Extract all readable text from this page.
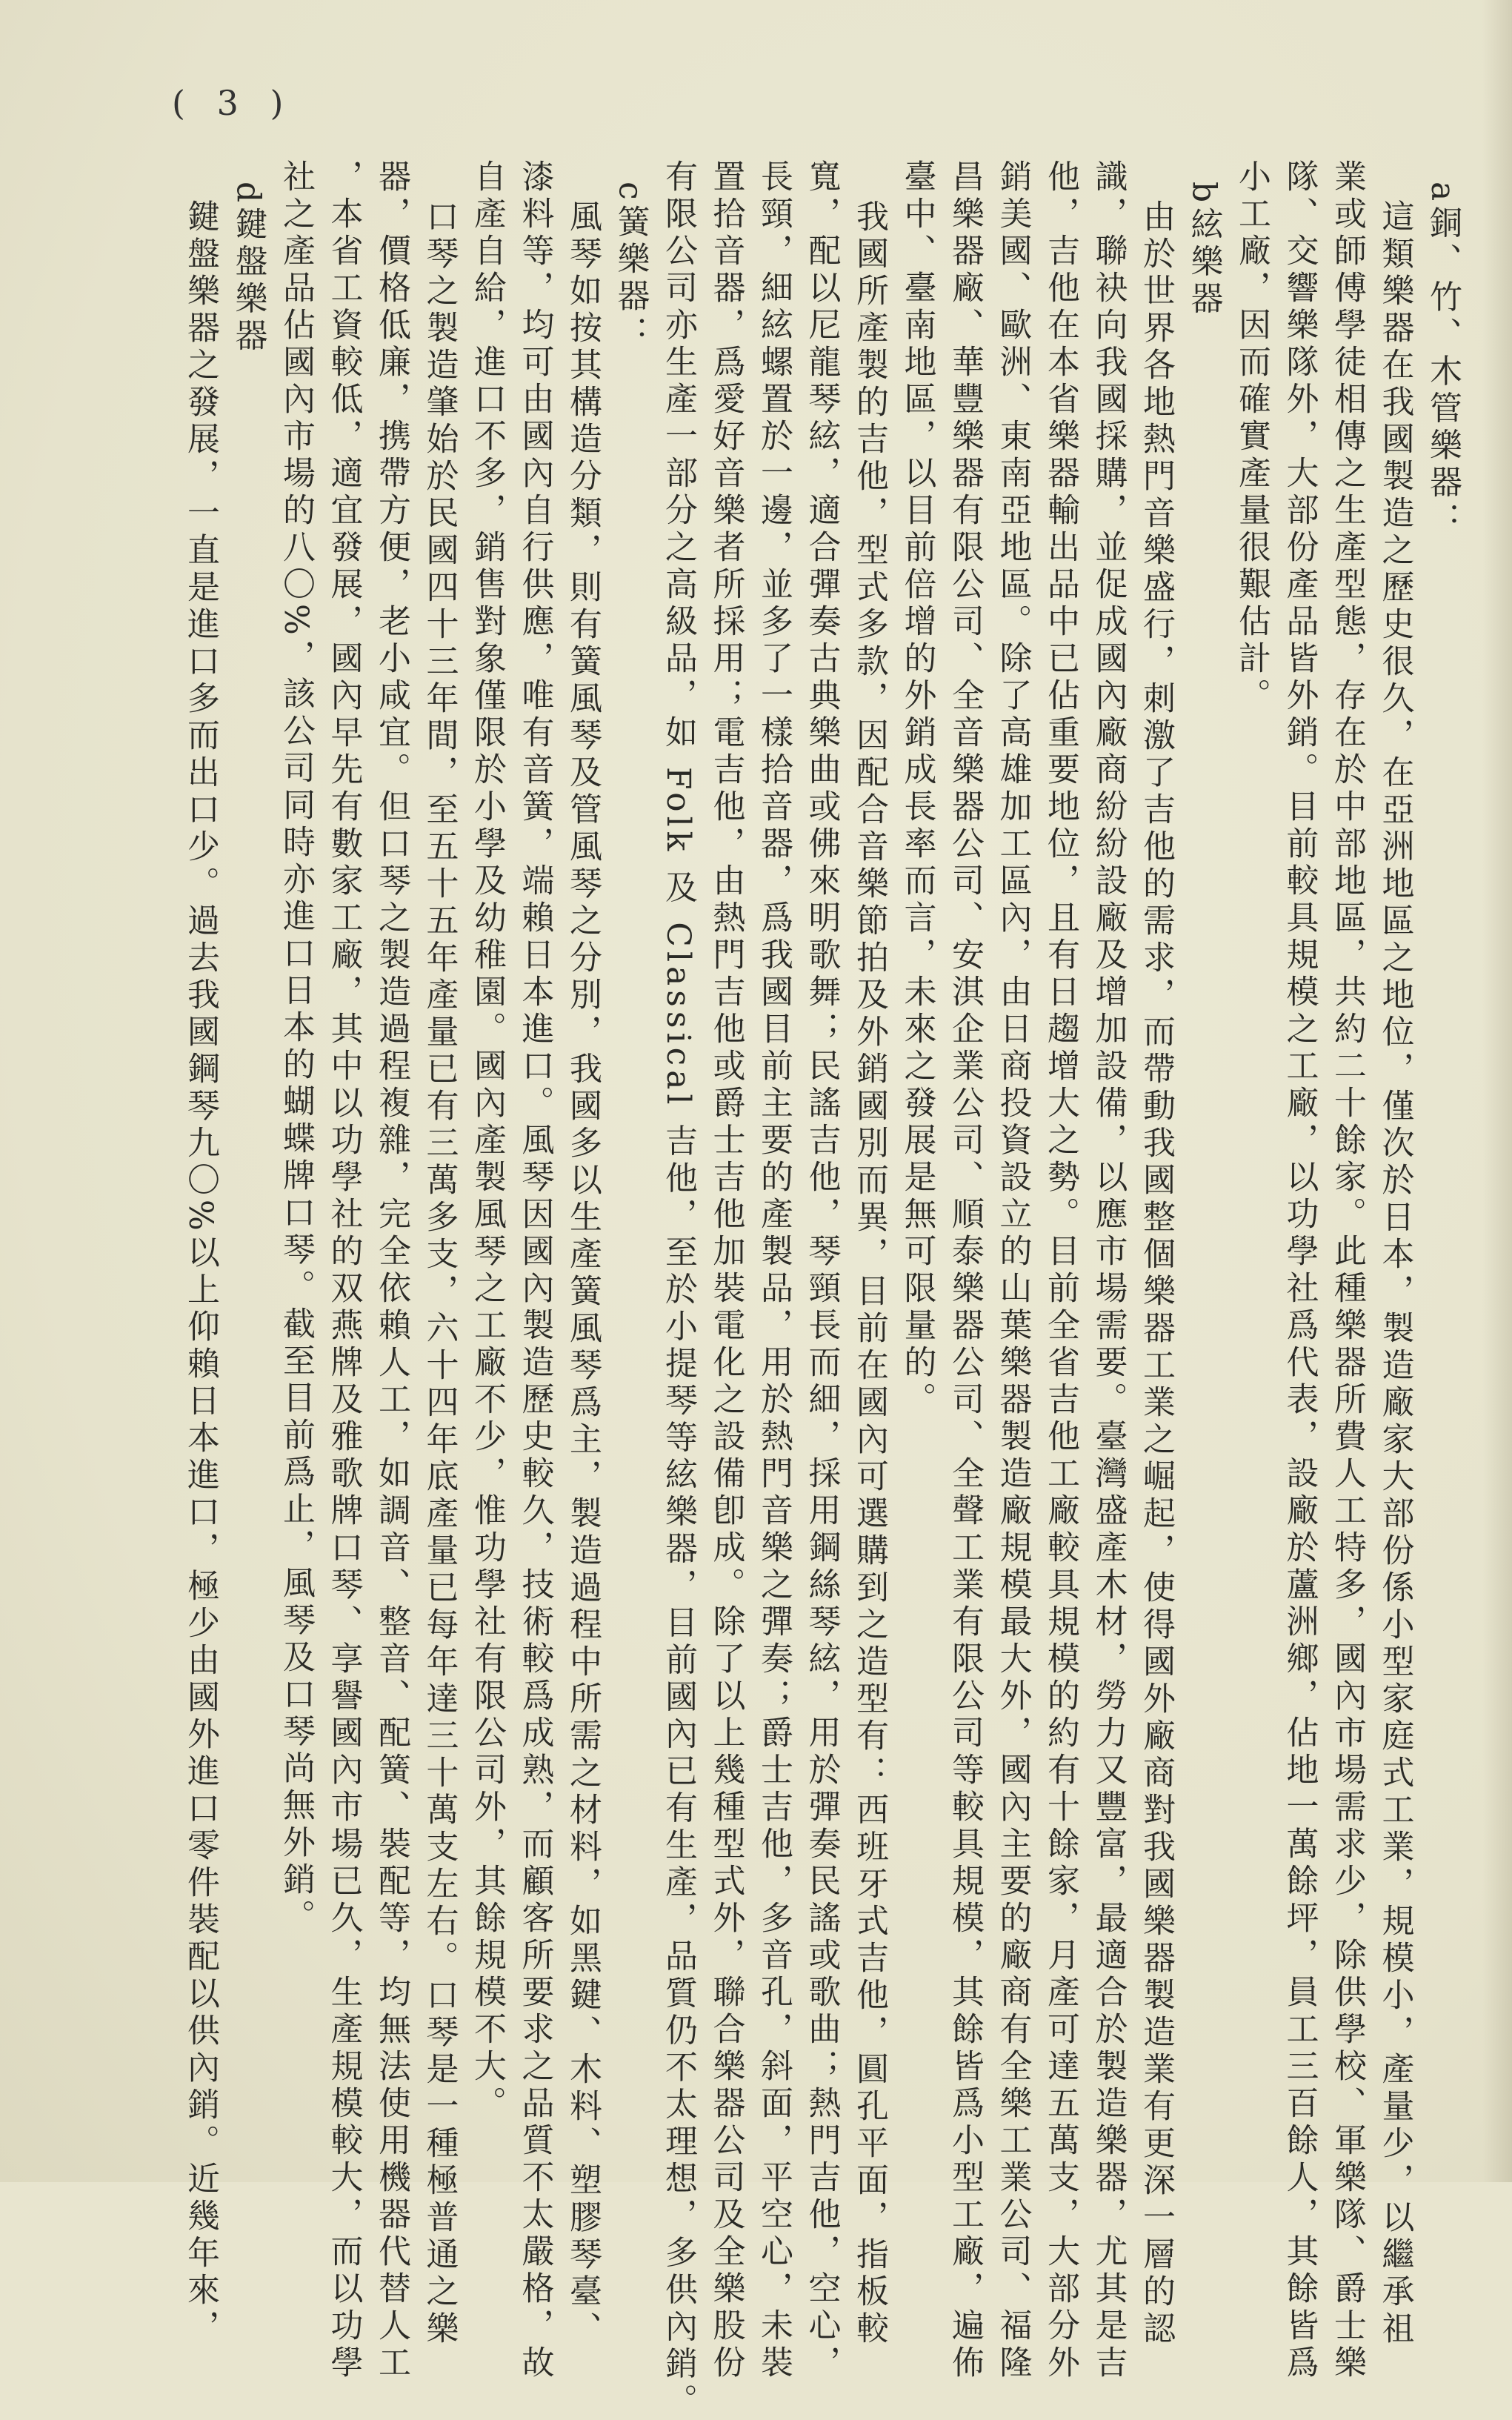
( 3 )

a銅、竹、木管樂器：

這類樂器在我國製造之歷史很久，在亞洲地區之地位，僅次於日本，製造廠家大部份係小型家庭式工業，規模小，產量少，以繼承祖

業或師傅學徒相傳之生產型態，存在於中部地區，共約二十餘家。此種樂器所費人工特多，國內市場需求少，除供學校、軍樂隊、爵士樂

隊、交響樂隊外，大部份產品皆外銷。目前較具規模之工廠，以功學社爲代表，設廠於蘆洲鄉，佔地一萬餘坪，員工三百餘人，其餘皆爲

小工廠，因而確實產量很艱估計。

b絃樂器

由於世界各地熱門音樂盛行，刺激了吉他的需求，而帶動我國整個樂器工業之崛起，使得國外廠商對我國樂器製造業有更深一層的認

識，聯袂向我國採購，並促成國內廠商紛紛設廠及增加設備，以應市場需要。臺灣盛產木材，勞力又豐富，最適合於製造樂器，尤其是吉

他，吉他在本省樂器輸出品中已佔重要地位，且有日趨增大之勢。目前全省吉他工廠較具規模的約有十餘家，月產可達五萬支，大部分外

銷美國、歐洲、東南亞地區。除了高雄加工區內，由日商投資設立的山葉樂器製造廠規模最大外，國內主要的廠商有全樂工業公司、福隆

昌樂器廠、華豐樂器有限公司、全音樂器公司、安淇企業公司、順泰樂器公司、全聲工業有限公司等較具規模，其餘皆爲小型工廠，遍佈

臺中、臺南地區，以目前倍增的外銷成長率而言，未來之發展是無可限量的。

我國所產製的吉他，型式多款，因配合音樂節拍及外銷國別而異，目前在國內可選購到之造型有：西班牙式吉他，圓孔平面，指板較

寬，配以尼龍琴絃，適合彈奏古典樂曲或佛來明歌舞；民謠吉他，琴頸長而細，採用鋼絲琴絃，用於彈奏民謠或歌曲；熱門吉他，空心，

長頸，細絃螺置於一邊，並多了一樣拾音器，爲我國目前主要的產製品，用於熱門音樂之彈奏；爵士吉他，多音孔，斜面，平空心，未裝

置拾音器，爲愛好音樂者所採用；電吉他，由熱門吉他或爵士吉他加裝電化之設備卽成。除了以上幾種型式外，聯合樂器公司及全樂股份

有限公司亦生產一部分之高級品，如 Folk 及 Classical 吉他，至於小提琴等絃樂器，目前國內已有生產，品質仍不太理想，多供內銷。

c簧樂器：

風琴如按其構造分類，則有簧風琴及管風琴之分別，我國多以生產簧風琴爲主，製造過程中所需之材料，如黑鍵、木料、塑膠琴臺、

漆料等，均可由國內自行供應，唯有音簧，端賴日本進口。風琴因國內製造歷史較久，技術較爲成熟，而顧客所要求之品質不太嚴格，故

自產自給，進口不多，銷售對象僅限於小學及幼稚園。國內產製風琴之工廠不少，惟功學社有限公司外，其餘規模不大。

口琴之製造肇始於民國四十三年間，至五十五年產量已有三萬多支，六十四年底產量已每年達三十萬支左右。口琴是一種極普通之樂

器，價格低廉，携帶方便，老小咸宜。但口琴之製造過程複雜，完全依賴人工，如調音、整音、配簧、裝配等，均無法使用機器代替人工

，本省工資較低，適宜發展，國內早先有數家工廠，其中以功學社的双燕牌及雅歌牌口琴、享譽國內市場已久，生產規模較大，而以功學

社之產品佔國內市場的八〇%，該公司同時亦進口日本的蝴蝶牌口琴。截至目前爲止，風琴及口琴尚無外銷。

d鍵盤樂器

鍵盤樂器之發展，一直是進口多而出口少。過去我國鋼琴九〇%以上仰賴日本進口，極少由國外進口零件裝配以供內銷。近幾年來，
